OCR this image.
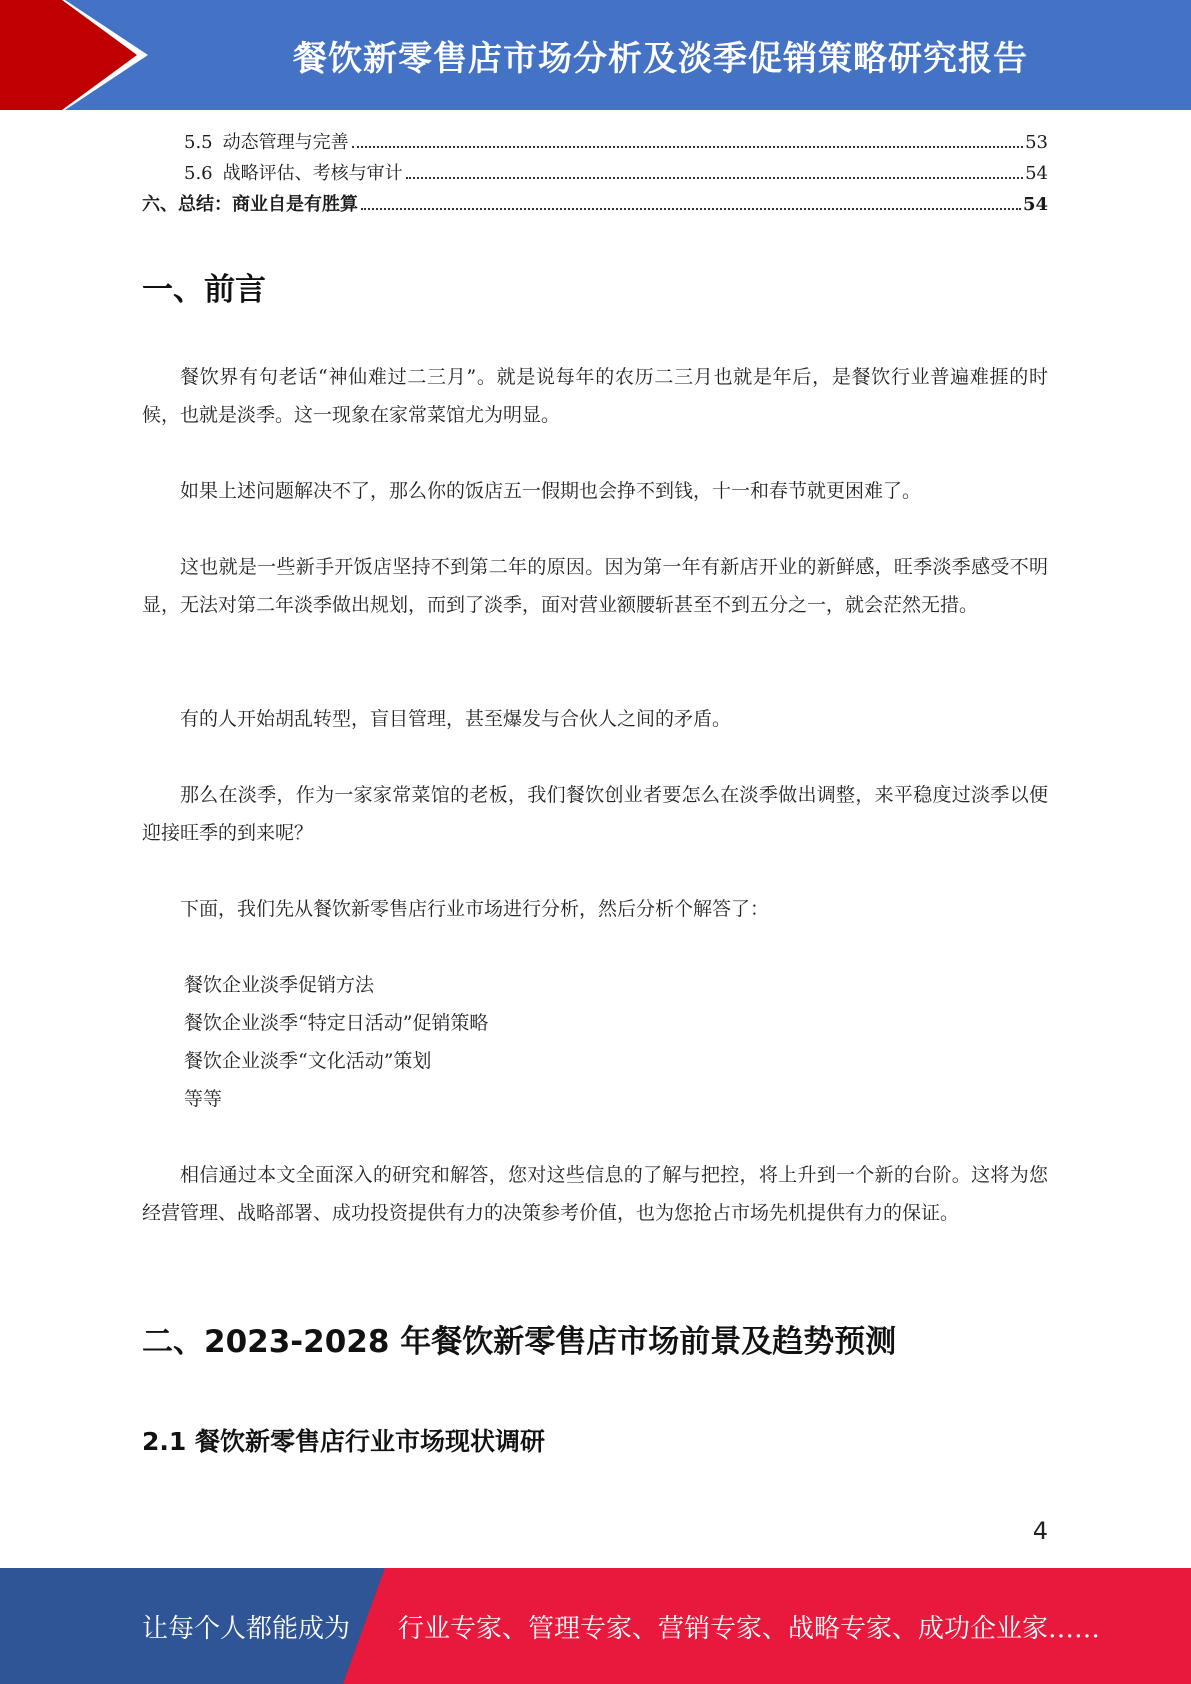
餐饮新零售店市场分析及淡季促销策略研究报告
5.5 动态管理与完善	53
5.6 战略评估、考核与审计	54
六、 总结：商业自是有胜算	54
一、前言

餐饮界有句老话“神仙难过二三月”。就是说每年的农历二三月也就是年后，是餐饮行业普遍难捱的时候，也就是淡季。这一现象在家常菜馆尤为明显。

如果上述问题解决不了，那么你的饭店五一假期也会挣不到钱，十一和春节就更困难了。

这也就是一些新手开饭店坚持不到第二年的原因。因为第一年有新店开业的新鲜感，旺季淡季感受不明显，无法对第二年淡季做出规划，而到了淡季，面对营业额腰斩甚至不到五分之一，就会茫然无措。

有的人开始胡乱转型，盲目管理，甚至爆发与合伙人之间的矛盾。

那么在淡季，作为一家家常菜馆的老板，我们餐饮创业者要怎么在淡季做出调整，来平稳度过淡季以便迎接旺季的到来呢？

下面，我们先从餐饮新零售店行业市场进行分析，然后分析个解答了：

餐饮企业淡季促销方法
餐饮企业淡季“特定日活动”促销策略
餐饮企业淡季“文化活动”策划
等等

相信通过本文全面深入的研究和解答，您对这些信息的了解与把控，将上升到一个新的台阶。这将为您经营管理、战略部署、成功投资提供有力的决策参考价值，也为您抢占市场先机提供有力的保证。

二、2023-2028 年餐饮新零售店市场前景及趋势预测
2.1 餐饮新零售店行业市场现状调研
4
让每个人都能成为 行业专家、管理专家、营销专家、战略专家、成功企业家……
